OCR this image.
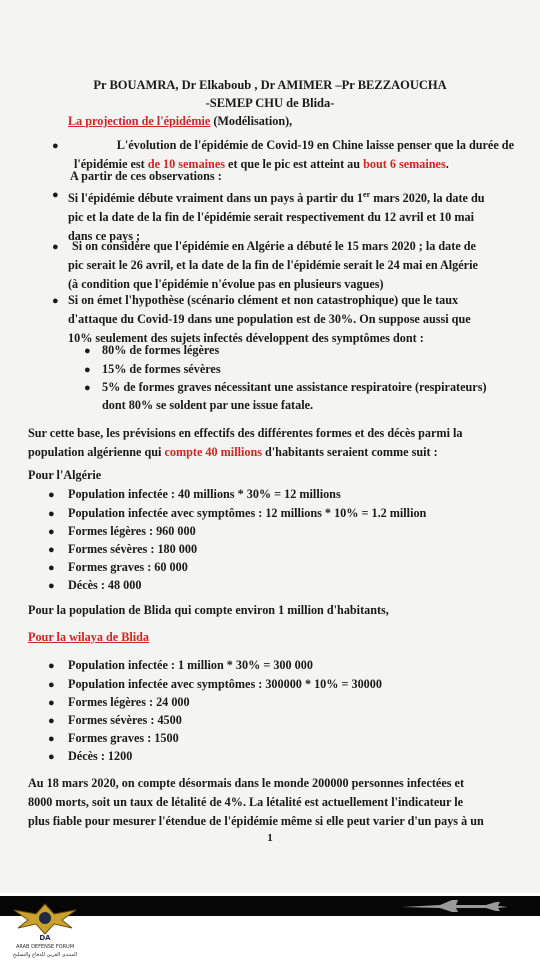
Pr BOUAMRA, Dr Elkaboub , Dr AMIMER –Pr BEZZAOUCHA
-SEMEP CHU de Blida-
La projection de l'épidémie (Modélisation),
●	L'évolution de l'épidémie de Covid-19 en Chine laisse penser que la durée de
l'épidémie est de 10 semaines et que le pic est atteint au bout 6 semaines.
A partir de ces observations :
● Si l'épidémie débute vraiment dans un pays à partir du 1er mars 2020, la date du
pic et la date de la fin de l'épidémie serait respectivement du 12 avril et 10 mai
dans ce pays ;
●	Si on considère que l'épidémie en Algérie a débuté le 15 mars 2020 ; la date de
pic serait le 26 avril, et la date de la fin de l'épidémie serait le 24 mai en Algérie
(à condition que l'épidémie n'évolue pas en plusieurs vagues)
● Si on émet l'hypothèse (scénario clément et non catastrophique) que le taux
d'attaque du Covid-19 dans une population est de 30%. On suppose aussi que
10% seulement des sujets infectés développent des symptômes dont :
● 80% de formes légères
● 15% de formes sévères
● 5% de formes graves nécessitant une assistance respiratoire (respirateurs)
dont 80% se soldent par une issue fatale.
Sur cette base, les prévisions en effectifs des différentes formes et des décès parmi la
population algérienne qui compte 40 millions d'habitants seraient comme suit :
Pour l'Algérie
● Population infectée : 40 millions * 30% = 12 millions
● Population infectée avec symptômes : 12 millions * 10% = 1.2 million
● Formes légères : 960 000
● Formes sévères : 180 000
● Formes graves : 60 000
● Décès : 48 000
Pour la population de Blida qui compte environ 1 million d'habitants,
Pour la wilaya de Blida
● Population infectée : 1 million * 30% = 300 000
● Population infectée avec symptômes : 300000 * 10% = 30000
● Formes légères : 24 000
● Formes sévères : 4500
● Formes graves : 1500
● Décès : 1200
Au 18 mars 2020, on compte désormais dans le monde 200000 personnes infectées et
8000 morts, soit un taux de létalité de 4%. La létalité est actuellement l'indicateur le
plus fiable pour mesurer l'étendue de l'épidémie même si elle peut varier d'un pays à un
1
DA
ARAB DEFENSE FORUM
المنتدى العربي للدفاع والتسليح
